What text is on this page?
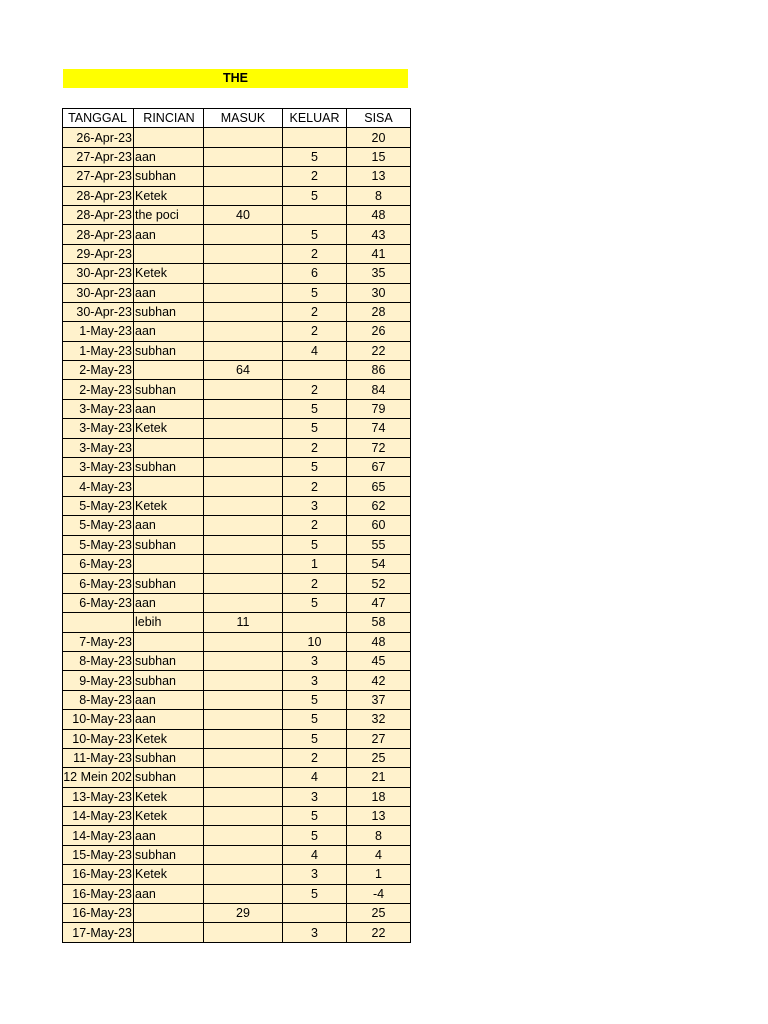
THE
TANGGAL	RINCIAN	MASUK	KELUAR	SISA
26-Apr-23				20
27-Apr-23	aan		5	15
27-Apr-23	subhan		2	13
28-Apr-23	Ketek		5	8
28-Apr-23	the poci	40		48
28-Apr-23	aan		5	43
29-Apr-23			2	41
30-Apr-23	Ketek		6	35
30-Apr-23	aan		5	30
30-Apr-23	subhan		2	28
1-May-23	aan		2	26
1-May-23	subhan		4	22
2-May-23		64		86
2-May-23	subhan		2	84
3-May-23	aan		5	79
3-May-23	Ketek		5	74
3-May-23			2	72
3-May-23	subhan		5	67
4-May-23			2	65
5-May-23	Ketek		3	62
5-May-23	aan		2	60
5-May-23	subhan		5	55
6-May-23			1	54
6-May-23	subhan		2	52
6-May-23	aan		5	47
	lebih	11		58
7-May-23			10	48
8-May-23	subhan		3	45
9-May-23	subhan		3	42
8-May-23	aan		5	37
10-May-23	aan		5	32
10-May-23	Ketek		5	27
11-May-23	subhan		2	25
12 Mein 202	subhan		4	21
13-May-23	Ketek		3	18
14-May-23	Ketek		5	13
14-May-23	aan		5	8
15-May-23	subhan		4	4
16-May-23	Ketek		3	1
16-May-23	aan		5	-4
16-May-23		29		25
17-May-23			3	22
